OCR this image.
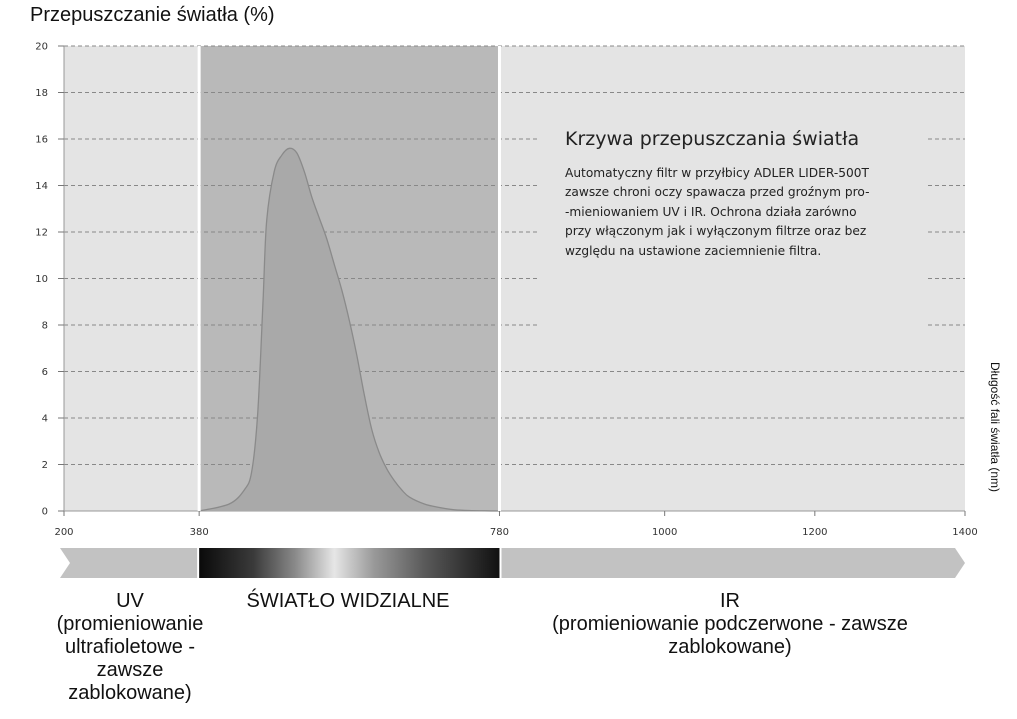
0
2
4
6
8
10
12
14
16
18
20
200	380	780	1000	1200	1400
Przepuszczanie światła (%)
Długość fali światła (nm)
Krzywa przepuszczania światła
Automatyczny filtr w przyłbicy ADLER LIDER-500T
zawsze chroni oczy spawacza przed groźnym pro-
-mieniowaniem UV i IR. Ochrona działa zarówno
przy włączonym jak i wyłączonym filtrze oraz bez
względu na ustawione zaciemnienie filtra.
UV
(promieniowanie
ultrafioletowe -
zawsze
zablokowane)
ŚWIATŁO WIDZIALNE	IR
(promieniowanie podczerwone - zawsze
zablokowane)
